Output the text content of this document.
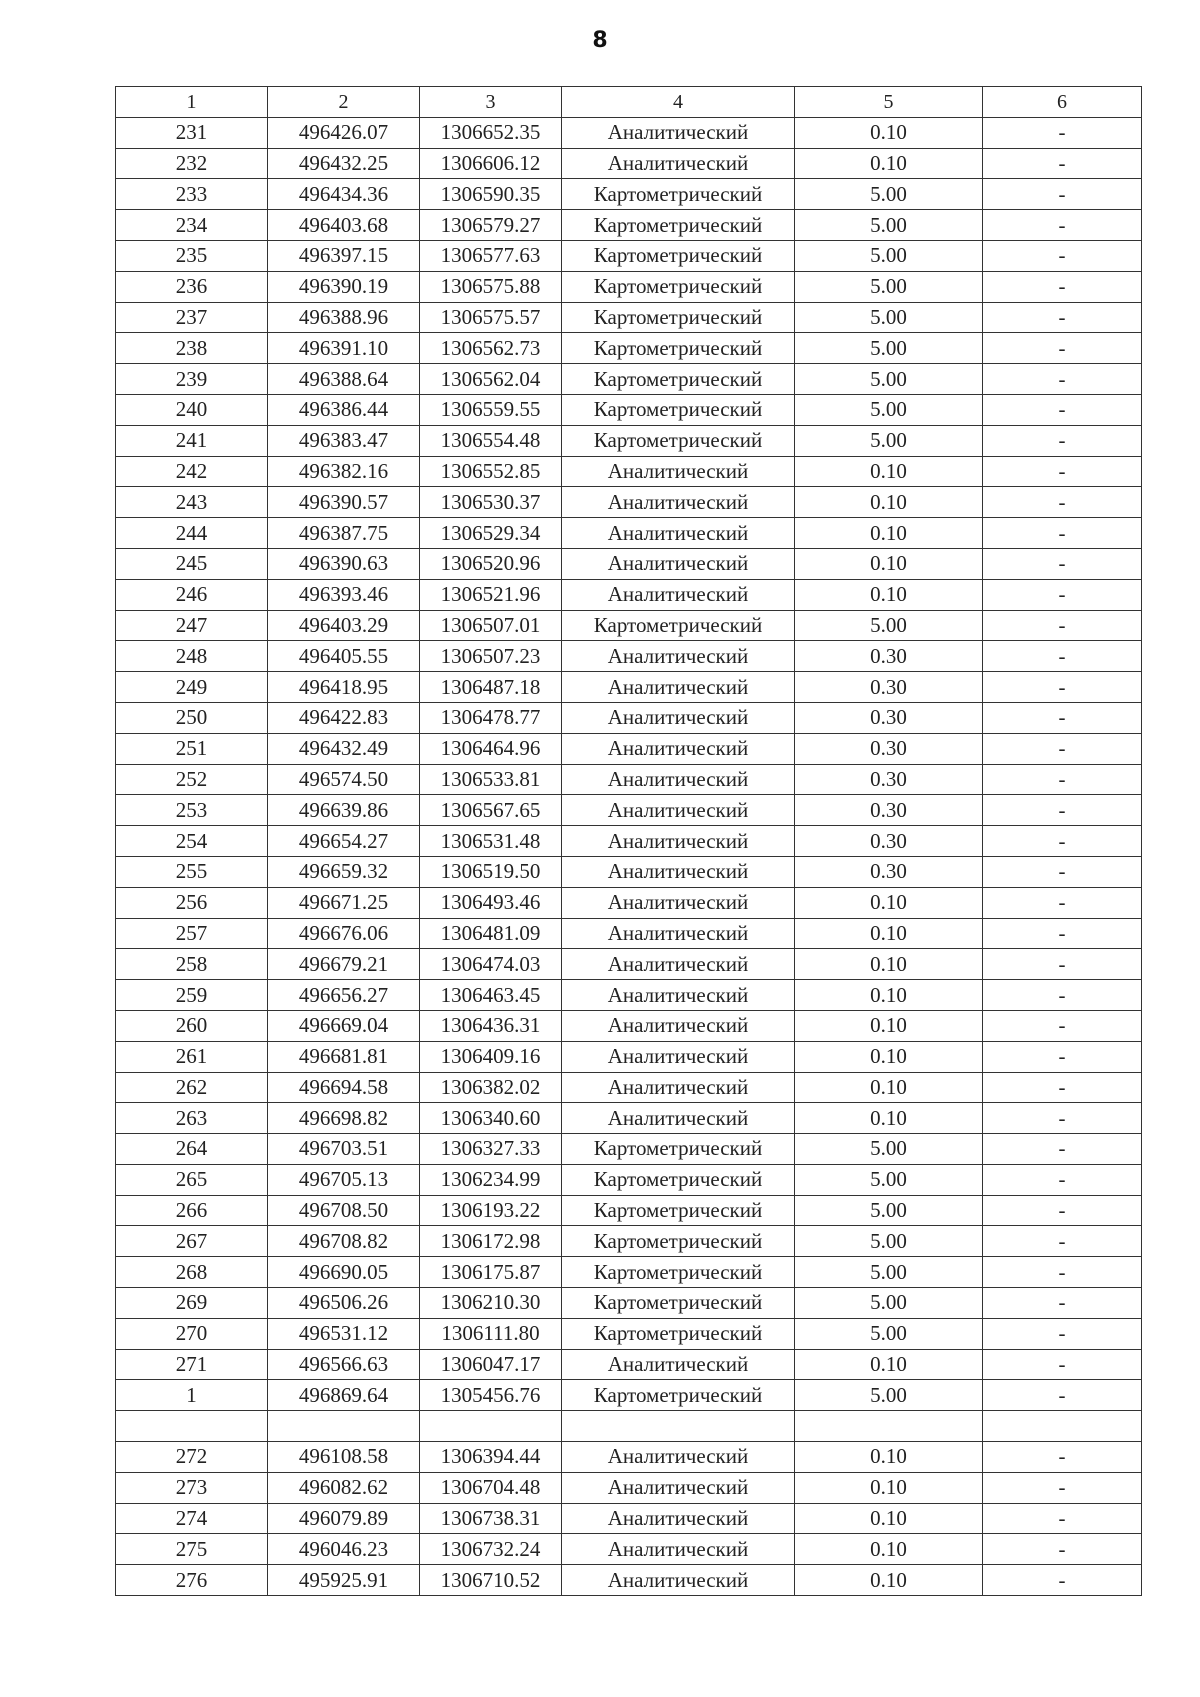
8
1	2	3	4	5	6
231	496426.07	1306652.35	Аналитический	0.10	-
232	496432.25	1306606.12	Аналитический	0.10	-
233	496434.36	1306590.35	Картометрический	5.00	-
234	496403.68	1306579.27	Картометрический	5.00	-
235	496397.15	1306577.63	Картометрический	5.00	-
236	496390.19	1306575.88	Картометрический	5.00	-
237	496388.96	1306575.57	Картометрический	5.00	-
238	496391.10	1306562.73	Картометрический	5.00	-
239	496388.64	1306562.04	Картометрический	5.00	-
240	496386.44	1306559.55	Картометрический	5.00	-
241	496383.47	1306554.48	Картометрический	5.00	-
242	496382.16	1306552.85	Аналитический	0.10	-
243	496390.57	1306530.37	Аналитический	0.10	-
244	496387.75	1306529.34	Аналитический	0.10	-
245	496390.63	1306520.96	Аналитический	0.10	-
246	496393.46	1306521.96	Аналитический	0.10	-
247	496403.29	1306507.01	Картометрический	5.00	-
248	496405.55	1306507.23	Аналитический	0.30	-
249	496418.95	1306487.18	Аналитический	0.30	-
250	496422.83	1306478.77	Аналитический	0.30	-
251	496432.49	1306464.96	Аналитический	0.30	-
252	496574.50	1306533.81	Аналитический	0.30	-
253	496639.86	1306567.65	Аналитический	0.30	-
254	496654.27	1306531.48	Аналитический	0.30	-
255	496659.32	1306519.50	Аналитический	0.30	-
256	496671.25	1306493.46	Аналитический	0.10	-
257	496676.06	1306481.09	Аналитический	0.10	-
258	496679.21	1306474.03	Аналитический	0.10	-
259	496656.27	1306463.45	Аналитический	0.10	-
260	496669.04	1306436.31	Аналитический	0.10	-
261	496681.81	1306409.16	Аналитический	0.10	-
262	496694.58	1306382.02	Аналитический	0.10	-
263	496698.82	1306340.60	Аналитический	0.10	-
264	496703.51	1306327.33	Картометрический	5.00	-
265	496705.13	1306234.99	Картометрический	5.00	-
266	496708.50	1306193.22	Картометрический	5.00	-
267	496708.82	1306172.98	Картометрический	5.00	-
268	496690.05	1306175.87	Картометрический	5.00	-
269	496506.26	1306210.30	Картометрический	5.00	-
270	496531.12	1306111.80	Картометрический	5.00	-
271	496566.63	1306047.17	Аналитический	0.10	-
1	496869.64	1305456.76	Картометрический	5.00	-

272	496108.58	1306394.44	Аналитический	0.10	-
273	496082.62	1306704.48	Аналитический	0.10	-
274	496079.89	1306738.31	Аналитический	0.10	-
275	496046.23	1306732.24	Аналитический	0.10	-
276	495925.91	1306710.52	Аналитический	0.10	-
